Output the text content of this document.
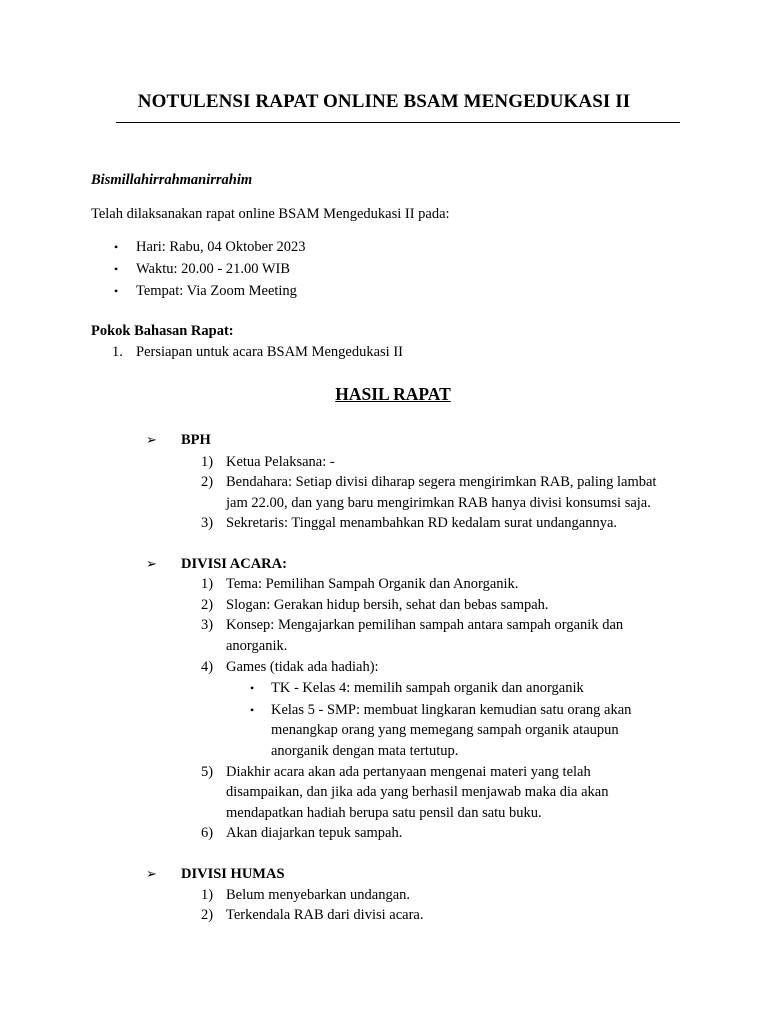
NOTULENSI RAPAT ONLINE BSAM MENGEDUKASI II
Bismillahirrahmanirrahim
Telah dilaksanakan rapat online BSAM Mengedukasi II pada:
• Hari: Rabu, 04 Oktober 2023
• Waktu: 20.00 - 21.00 WIB
• Tempat: Via Zoom Meeting
Pokok Bahasan Rapat:
1. Persiapan untuk acara BSAM Mengedukasi II
HASIL RAPAT
➢ BPH
1) Ketua Pelaksana: -
2) Bendahara: Setiap divisi diharap segera mengirimkan RAB, paling lambat
jam 22.00, dan yang baru mengirimkan RAB hanya divisi konsumsi saja.
3) Sekretaris: Tinggal menambahkan RD kedalam surat undangannya.
➢ DIVISI ACARA:
1) Tema: Pemilihan Sampah Organik dan Anorganik.
2) Slogan: Gerakan hidup bersih, sehat dan bebas sampah.
3) Konsep: Mengajarkan pemilihan sampah antara sampah organik dan
anorganik.
4) Games (tidak ada hadiah):
• TK - Kelas 4: memilih sampah organik dan anorganik
• Kelas 5 - SMP: membuat lingkaran kemudian satu orang akan
menangkap orang yang memegang sampah organik ataupun
anorganik dengan mata tertutup.
5) Diakhir acara akan ada pertanyaan mengenai materi yang telah
disampaikan, dan jika ada yang berhasil menjawab maka dia akan
mendapatkan hadiah berupa satu pensil dan satu buku.
6) Akan diajarkan tepuk sampah.
➢ DIVISI HUMAS
1) Belum menyebarkan undangan.
2) Terkendala RAB dari divisi acara.
